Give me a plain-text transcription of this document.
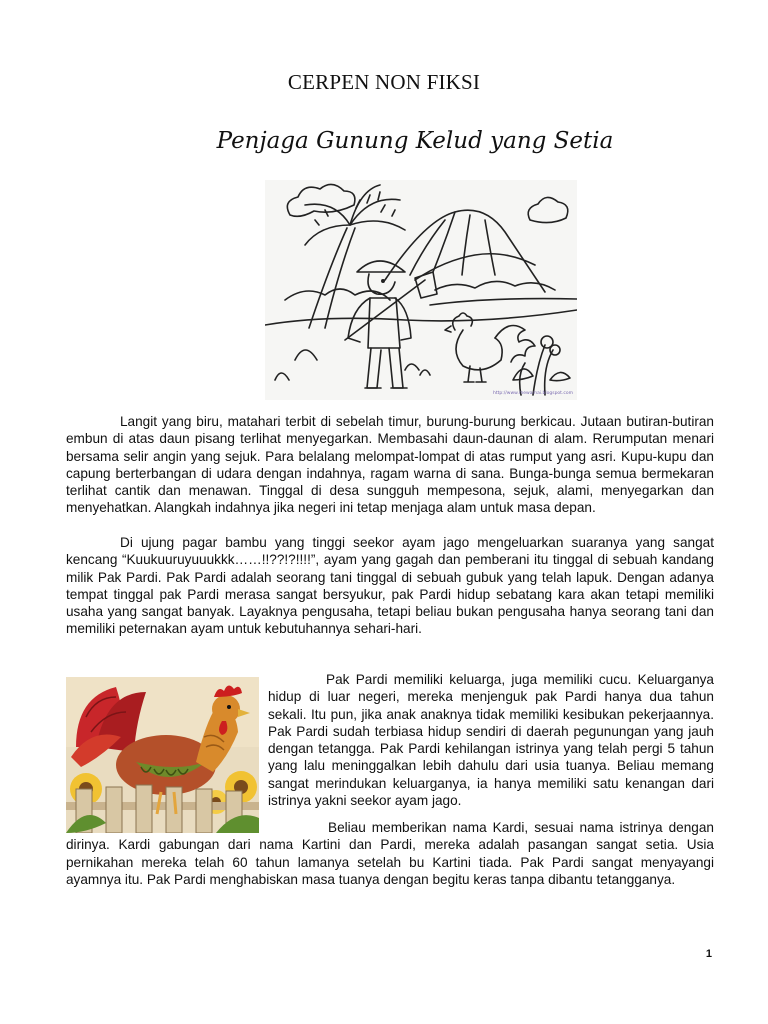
CERPEN NON FIKSI
Penjaga Gunung Kelud yang Setia
http://www.mewarnai.blogspot.com

Langit yang biru, matahari terbit di sebelah timur, burung-burung berkicau. Jutaan butiran-butiran embun di atas daun pisang terlihat menyegarkan. Membasahi daun-daunan di alam. Rerumputan menari bersama selir angin yang sejuk. Para belalang melompat-lompat di atas rumput yang asri. Kupu-kupu dan capung berterbangan di udara dengan indahnya, ragam warna di sana. Bunga-bunga semua bermekaran terlihat cantik dan menawan. Tinggal di desa sungguh mempesona, sejuk, alami, menyegarkan dan menyehatkan. Alangkah indahnya jika negeri ini tetap menjaga alam untuk masa depan.

Di ujung pagar bambu yang tinggi seekor ayam jago mengeluarkan suaranya yang sangat kencang “Kuukuuruyuuukkk……!!??!?!!!!”, ayam yang gagah dan pemberani itu tinggal di sebuah kandang milik Pak Pardi. Pak Pardi adalah seorang tani tinggal di sebuah gubuk yang telah lapuk. Dengan adanya tempat tinggal pak Pardi merasa sangat bersyukur, pak Pardi hidup sebatang kara akan tetapi memiliki usaha yang sangat banyak. Layaknya pengusaha, tetapi beliau bukan pengusaha hanya seorang tani dan memiliki peternakan ayam untuk kebutuhannya sehari-hari.

Pak Pardi memiliki keluarga, juga memiliki cucu. Keluarganya hidup di luar negeri, mereka menjenguk pak Pardi hanya dua tahun sekali. Itu pun, jika anak anaknya tidak memiliki kesibukan pekerjaannya. Pak Pardi sudah terbiasa hidup sendiri di daerah pegunungan yang jauh dengan tetangga. Pak Pardi kehilangan istrinya yang telah pergi 5 tahun yang lalu meninggalkan lebih dahulu dari usia tuanya. Beliau memang sangat merindukan keluarganya, ia hanya memiliki satu kenangan dari istrinya yakni seekor ayam jago.

Beliau memberikan nama Kardi, sesuai nama istrinya dengan dirinya. Kardi gabungan dari nama Kartini dan Pardi, mereka adalah pasangan sangat setia. Usia pernikahan mereka telah 60 tahun lamanya setelah bu Kartini tiada. Pak Pardi sangat menyayangi ayamnya itu. Pak Pardi menghabiskan masa tuanya dengan begitu keras tanpa dibantu tetangganya.

1
